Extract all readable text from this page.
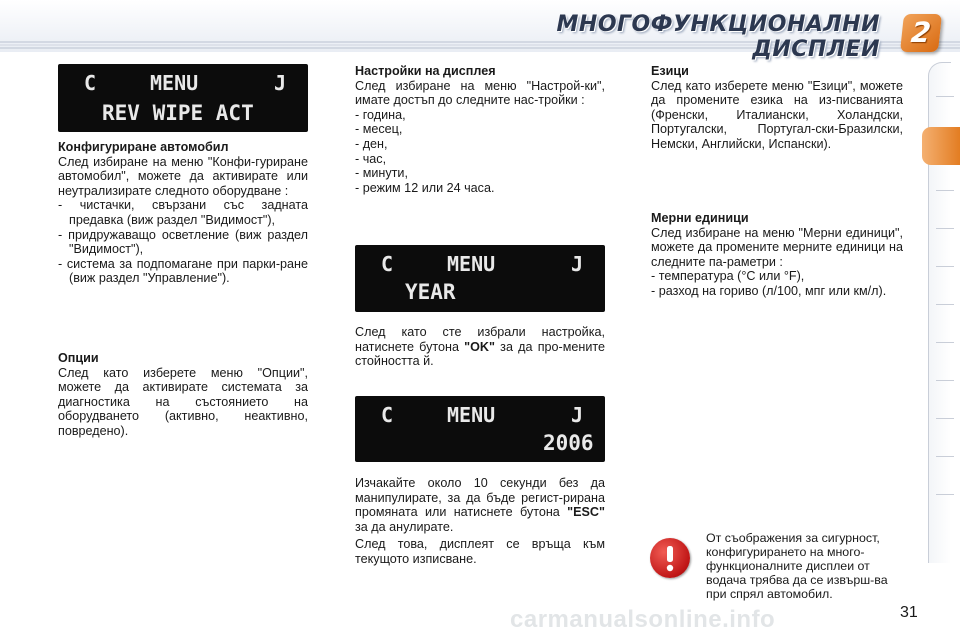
МНОГОФУНКЦИОНАЛНИ ДИСПЛЕИ
2
C	MENU	J
REV WIPE ACT
C	MENU	J
YEAR
C	MENU	J
2006
Конфигуриране автомобил

След избиране на меню "Конфи-гуриране автомобил", можете да активирате или неутрализирате следното оборудване :

- чистачки, свързани със задната предавка (виж раздел "Видимост"),
- придружаващо осветление (виж раздел "Видимост"),
- система за подпомагане при парки-ране (виж раздел "Управление").
Опции

След като изберете меню "Опции", можете да активирате системата за диагностика на състоянието на оборудването (активно, неактивно, повредено).

Настройки на дисплея

След избиране на меню "Настрой-ки", имате достъп до следните нас-тройки :

- година,
- месец,
- ден,
- час,
- минути,
- режим 12 или 24 часа.

След като сте избрали настройка, натиснете бутона "OK" за да про-мените стойността й.

Изчакайте около 10 секунди без да манипулирате, за да бъде регист-рирана промяната или натиснете бутона "ESC" за да анулирате.

След това, дисплеят се връща към текущото изписване.

Езици

След като изберете меню "Езици", можете да промените езика на из-писванията (Френски, Италиански, Холандски, Португалски, Португал-ски-Бразилски, Немски, Английски, Испански).

Мерни единици

След избиране на меню "Мерни единици", можете да промените мерните единици на следните па-раметри :

- температура (°C или °F),
- разход на гориво (л/100, мпг или км/л).
От съображения за сигурност, конфигурирането на много-функционалните дисплеи от водача трябва да се извърш-ва при спрял автомобил.
carmanualsonline.info	31
